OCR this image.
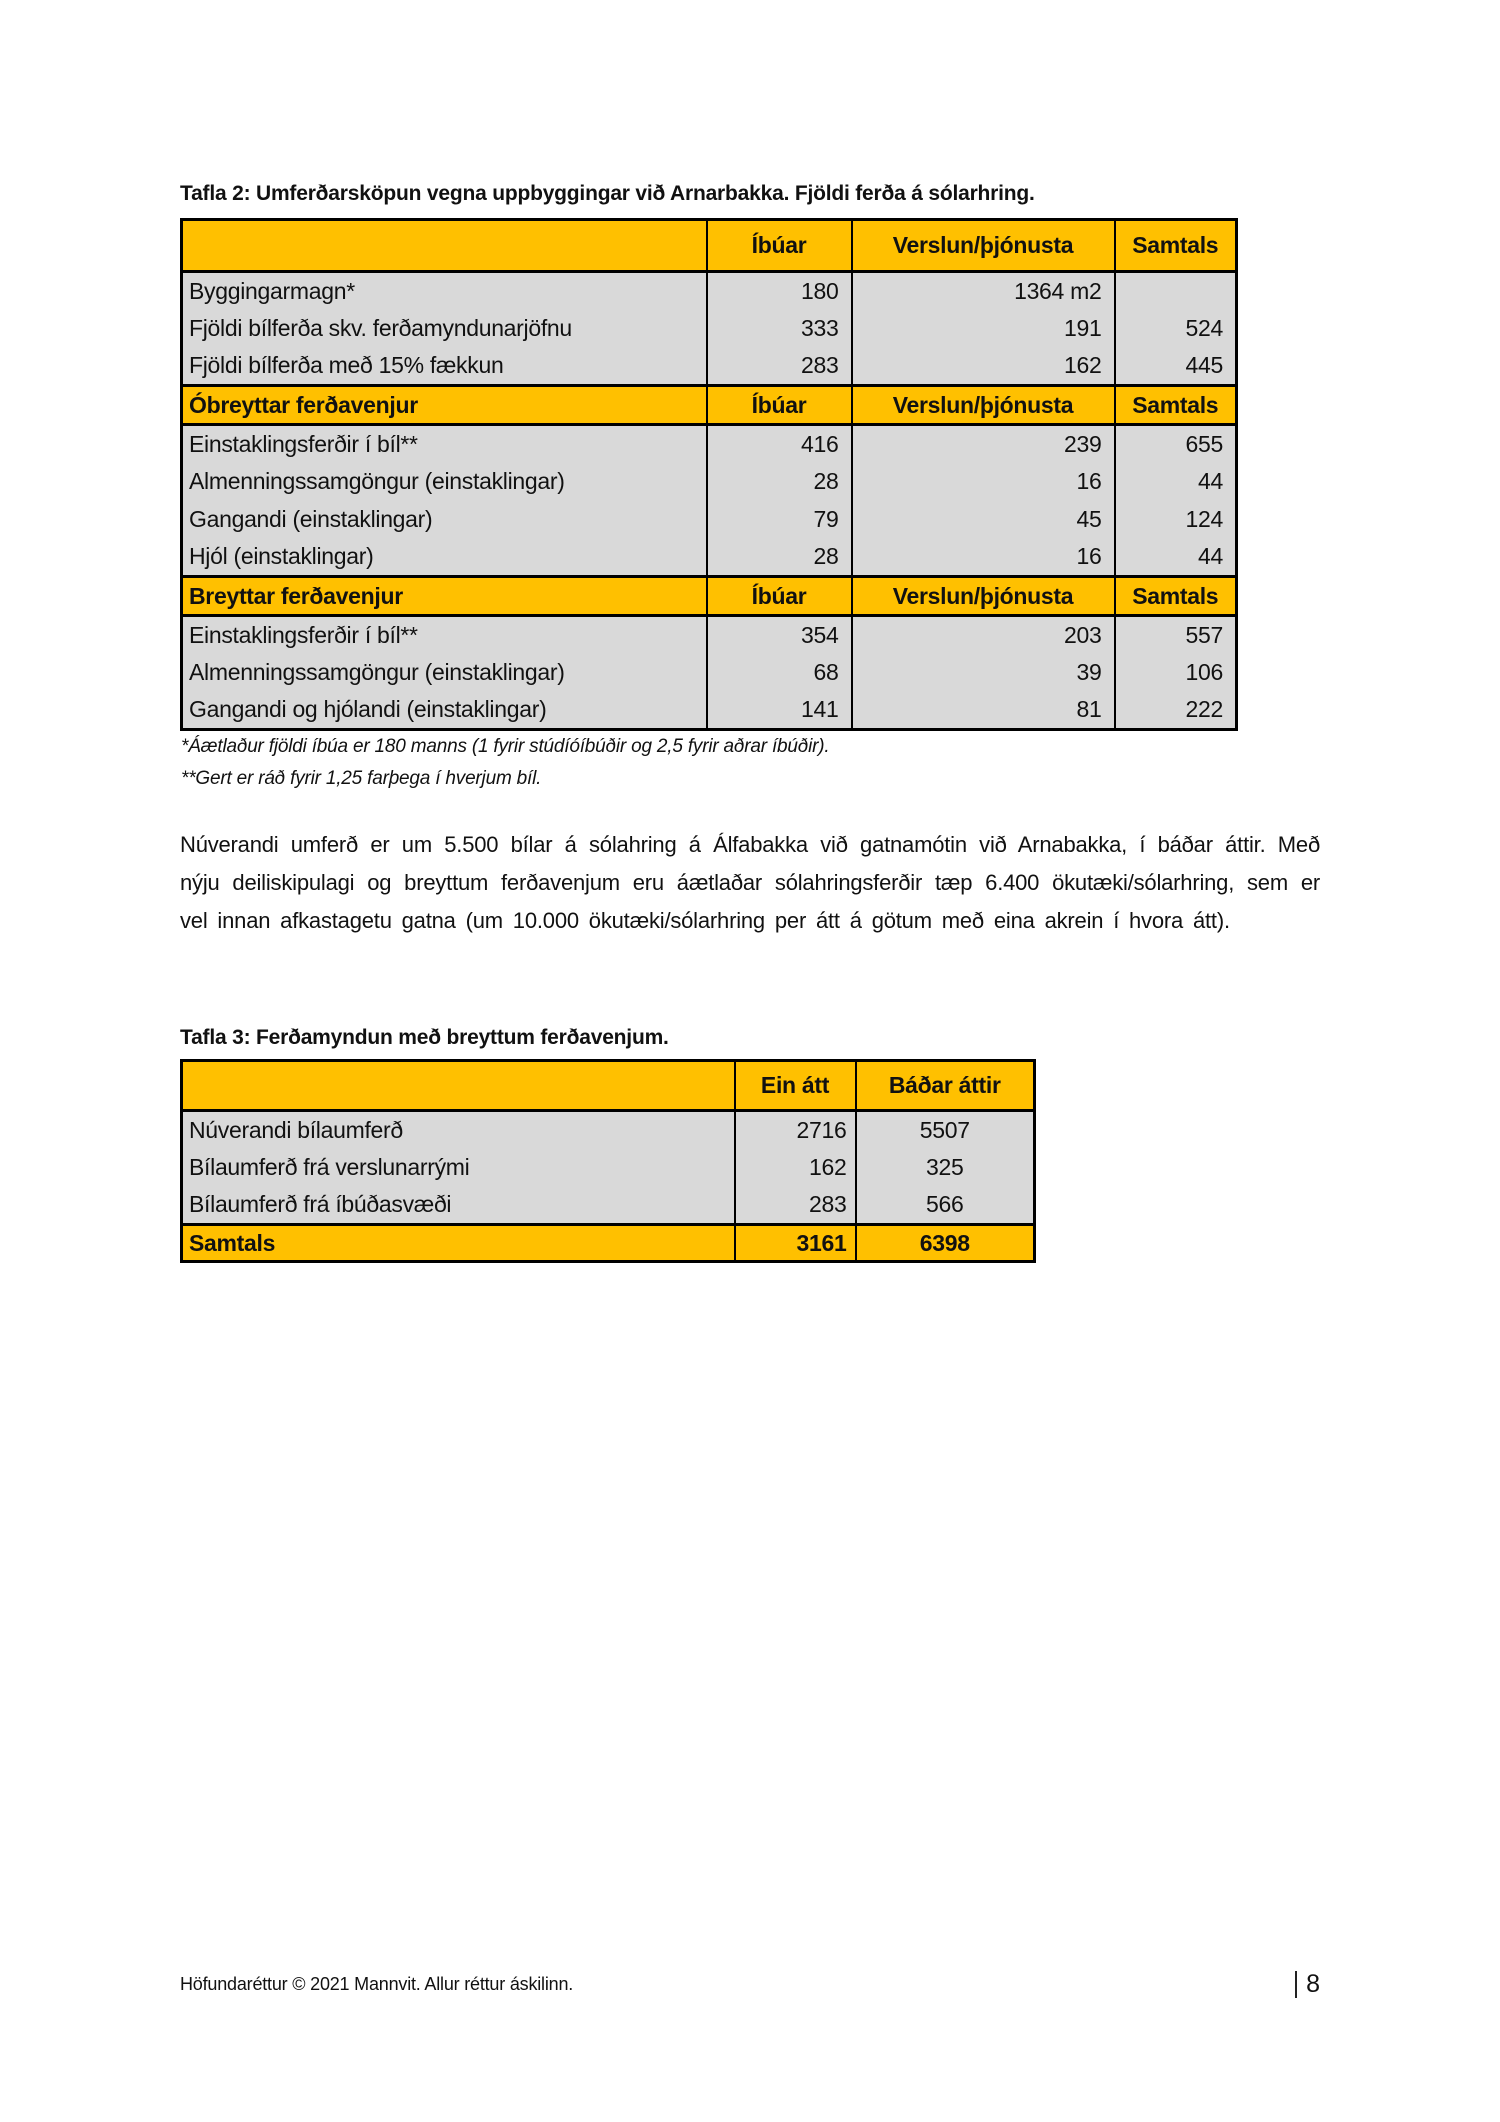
Tafla 2: Umferðarsköpun vegna uppbyggingar við Arnarbakka. Fjöldi ferða á sólarhring.
	Íbúar	Verslun/þjónusta	Samtals
Byggingarmagn*	180	1364 m2	
Fjöldi bílferða skv. ferðamyndunarjöfnu	333	191	524
Fjöldi bílferða með 15% fækkun	283	162	445
Óbreyttar ferðavenjur	Íbúar	Verslun/þjónusta	Samtals
Einstaklingsferðir í bíl**	416	239	655
Almenningssamgöngur (einstaklingar)	28	16	44
Gangandi (einstaklingar)	79	45	124
Hjól (einstaklingar)	28	16	44
Breyttar ferðavenjur	Íbúar	Verslun/þjónusta	Samtals
Einstaklingsferðir í bíl**	354	203	557
Almenningssamgöngur (einstaklingar)	68	39	106
Gangandi og hjólandi (einstaklingar)	141	81	222

*Áætlaður fjöldi íbúa er 180 manns (1 fyrir stúdíóíbúðir og 2,5 fyrir aðrar íbúðir).

**Gert er ráð fyrir 1,25 farþega í hverjum bíl.

Núverandi umferð er um 5.500 bílar á sólahring á Álfabakka við gatnamótin við Arnabakka, í báðar áttir. Með nýju deiliskipulagi og breyttum ferðavenjum eru áætlaðar sólahringsferðir tæp 6.400 ökutæki/sólarhring, sem er vel innan afkastagetu gatna (um 10.000 ökutæki/sólarhring per átt á götum með eina akrein í hvora átt).

Tafla 3: Ferðamyndun með breyttum ferðavenjum.
	Ein átt	Báðar áttir
Núverandi bílaumferð	2716	5507
Bílaumferð frá verslunarrými	162	325
Bílaumferð frá íbúðasvæði	283	566
Samtals	3161	6398
Höfundaréttur © 2021 Mannvit. Allur réttur áskilinn.	8
